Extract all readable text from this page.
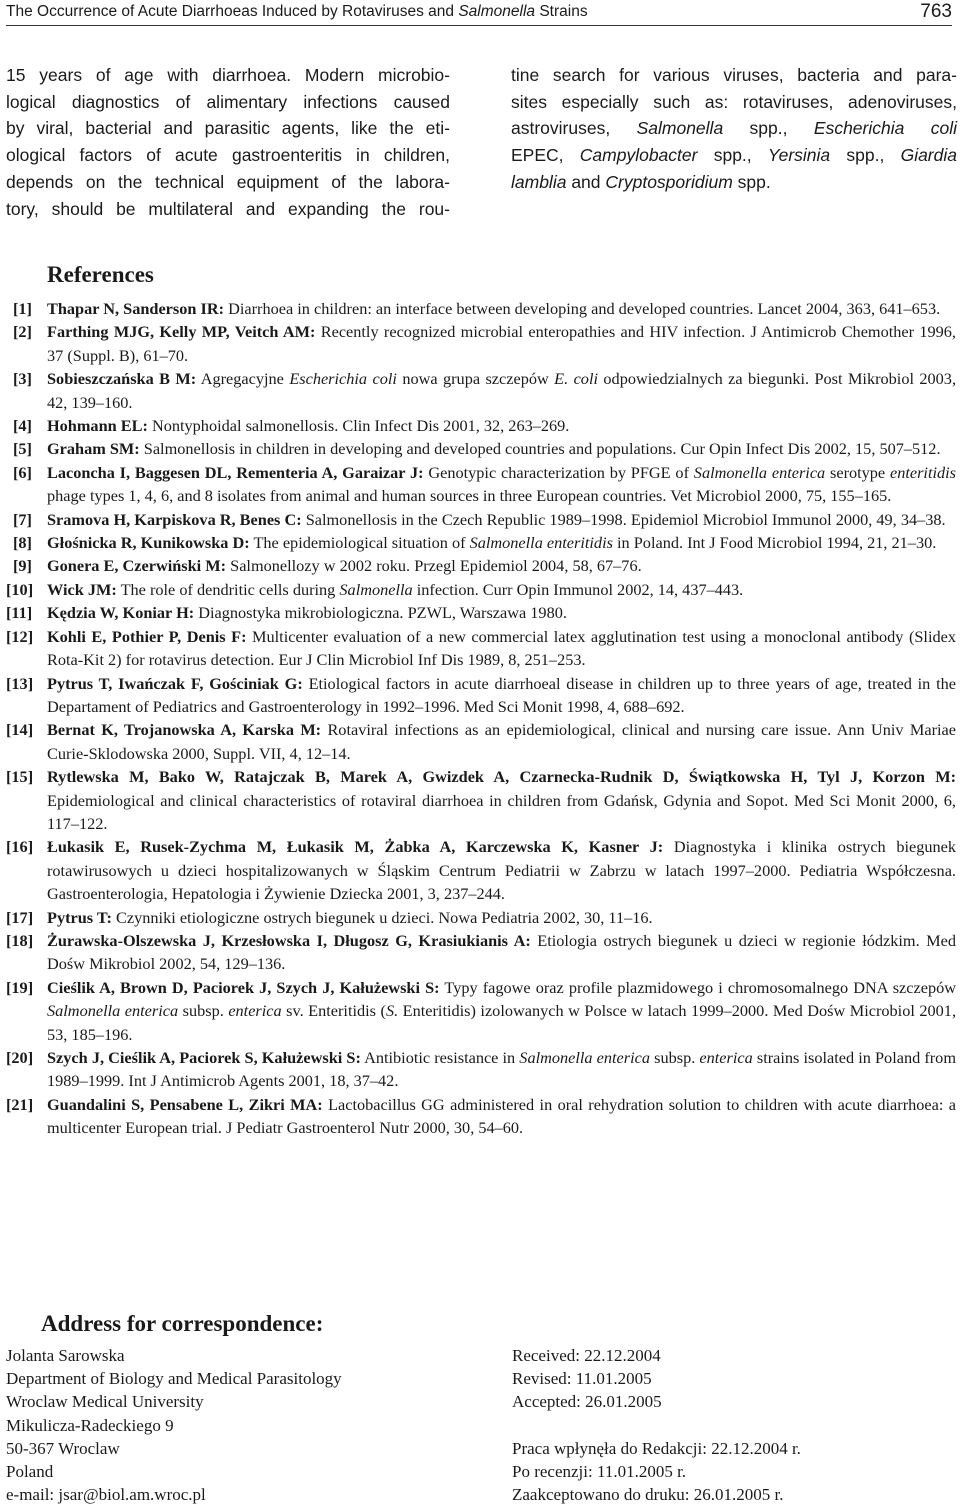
The Occurrence of Acute Diarrhoeas Induced by Rotaviruses and Salmonella Strains	763
15 years of age with diarrhoea. Modern microbio-
logical diagnostics of alimentary infections caused
by viral, bacterial and parasitic agents, like the eti-
ological factors of acute gastroenteritis in children,
depends on the technical equipment of the labora-
tory, should be multilateral and expanding the rou-
tine search for various viruses, bacteria and para-
sites especially such as: rotaviruses, adenoviruses,
astroviruses, Salmonella spp., Escherichia coli
EPEC, Campylobacter spp., Yersinia spp., Giardia
lamblia and Cryptosporidium spp.
References
[1] Thapar N, Sanderson IR: Diarrhoea in children: an interface between developing and developed countries. Lancet 2004, 363, 641–653.
[2] Farthing MJG, Kelly MP, Veitch AM: Recently recognized microbial enteropathies and HIV infection. J Antimicrob Chemother 1996, 37 (Suppl. B), 61–70.
[3] Sobieszczańska B M: Agregacyjne Escherichia coli nowa grupa szczepów E. coli odpowiedzialnych za biegunki. Post Mikrobiol 2003, 42, 139–160.
[4] Hohmann EL: Nontyphoidal salmonellosis. Clin Infect Dis 2001, 32, 263–269.
[5] Graham SM: Salmonellosis in children in developing and developed countries and populations. Cur Opin Infect Dis 2002, 15, 507–512.
[6] Laconcha I, Baggesen DL, Rementeria A, Garaizar J: Genotypic characterization by PFGE of Salmonella enterica serotype enteritidis phage types 1, 4, 6, and 8 isolates from animal and human sources in three European countries. Vet Microbiol 2000, 75, 155–165.
[7] Sramova H, Karpiskova R, Benes C: Salmonellosis in the Czech Republic 1989–1998. Epidemiol Microbiol Immunol 2000, 49, 34–38.
[8] Głośnicka R, Kunikowska D: The epidemiological situation of Salmonella enteritidis in Poland. Int J Food Microbiol 1994, 21, 21–30.
[9] Gonera E, Czerwiński M: Salmonellozy w 2002 roku. Przegl Epidemiol 2004, 58, 67–76.
[10] Wick JM: The role of dendritic cells during Salmonella infection. Curr Opin Immunol 2002, 14, 437–443.
[11] Kędzia W, Koniar H: Diagnostyka mikrobiologiczna. PZWL, Warszawa 1980.
[12] Kohli E, Pothier P, Denis F: Multicenter evaluation of a new commercial latex agglutination test using a monoclonal antibody (Slidex Rota-Kit 2) for rotavirus detection. Eur J Clin Microbiol Inf Dis 1989, 8, 251–253.
[13] Pytrus T, Iwańczak F, Gościniak G: Etiological factors in acute diarrhoeal disease in children up to three years of age, treated in the Departament of Pediatrics and Gastroenterology in 1992–1996. Med Sci Monit 1998, 4, 688–692.
[14] Bernat K, Trojanowska A, Karska M: Rotaviral infections as an epidemiological, clinical and nursing care issue. Ann Univ Mariae Curie-Sklodowska 2000, Suppl. VII, 4, 12–14.
[15] Rytlewska M, Bako W, Ratajczak B, Marek A, Gwizdek A, Czarnecka-Rudnik D, Świątkowska H, Tyl J, Korzon M: Epidemiological and clinical characteristics of rotaviral diarrhoea in children from Gdańsk, Gdynia and Sopot. Med Sci Monit 2000, 6, 117–122.
[16] Łukasik E, Rusek-Zychma M, Łukasik M, Żabka A, Karczewska K, Kasner J: Diagnostyka i klinika ostrych biegunek rotawirusowych u dzieci hospitalizowanych w Śląskim Centrum Pediatrii w Zabrzu w latach 1997–2000. Pediatria Współczesna. Gastroenterologia, Hepatologia i Żywienie Dziecka 2001, 3, 237–244.
[17] Pytrus T: Czynniki etiologiczne ostrych biegunek u dzieci. Nowa Pediatria 2002, 30, 11–16.
[18] Żurawska-Olszewska J, Krzesłowska I, Długosz G, Krasiukianis A: Etiologia ostrych biegunek u dzieci w regionie łódzkim. Med Dośw Mikrobiol 2002, 54, 129–136.
[19] Cieślik A, Brown D, Paciorek J, Szych J, Kałużewski S: Typy fagowe oraz profile plazmidowego i chromosomalnego DNA szczepów Salmonella enterica subsp. enterica sv. Enteritidis (S. Enteritidis) izolowanych w Polsce w latach 1999–2000. Med Dośw Microbiol 2001, 53, 185–196.
[20] Szych J, Cieślik A, Paciorek S, Kałużewski S: Antibiotic resistance in Salmonella enterica subsp. enterica strains isolated in Poland from 1989–1999. Int J Antimicrob Agents 2001, 18, 37–42.
[21] Guandalini S, Pensabene L, Zikri MA: Lactobacillus GG administered in oral rehydration solution to children with acute diarrhoea: a multicenter European trial. J Pediatr Gastroenterol Nutr 2000, 30, 54–60.
Address for correspondence:
Jolanta Sarowska
Department of Biology and Medical Parasitology
Wroclaw Medical University
Mikulicza-Radeckiego 9
50-367 Wroclaw
Poland
e-mail: jsar@biol.am.wroc.pl
Received: 22.12.2004
Revised: 11.01.2005
Accepted: 26.01.2005
Praca wpłynęła do Redakcji: 22.12.2004 r.
Po recenzji: 11.01.2005 r.
Zaakceptowano do druku: 26.01.2005 r.
